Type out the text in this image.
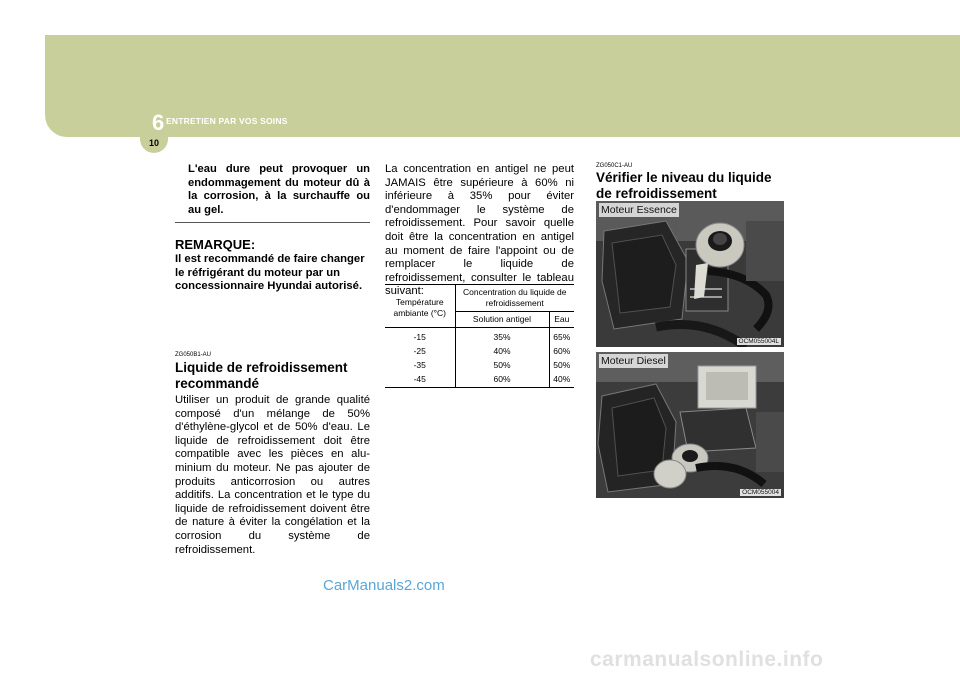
6 ENTRETIEN PAR VOS SOINS
10

L'eau dure peut provoquer un endommagement du moteur dû à la corrosion, à la surchauffe ou au gel.

REMARQUE:
Il est recommandé de faire changer le réfrigérant du moteur par un concessionnaire Hyundai autorisé.
ZG050B1-AU
Liquide de refroidissement recommandé
Utiliser un produit de grande qualité composé d'un mélange de 50% d'éthylène-glycol et de 50% d'eau. Le liquide de refroidissement doit être compatible avec les pièces en alu-minium du moteur. Ne pas ajouter de produits anticorrosion ou autres additifs. La concentration et le type du liquide de refroidissement doivent être de nature à éviter la congélation et la corrosion du système de refroidissement.
La concentration en antigel ne peut JAMAIS être supérieure à 60% ni inférieure à 35% pour éviter d'endommager le système de refroidissement. Pour savoir quelle doit être la concentration en antigel au moment de faire l'appoint ou de remplacer le liquide de refroidissement, consulter le tableau suivant:
Température ambiante (°C)	Concentration du liquide de refroidissement	
	Solution antigel	Eau
-15	35%	65%
-25	40%	60%
-35	50%	50%
-45	60%	40%
ZG050C1-AU
Vérifier le niveau du liquide de refroidissement
Moteur Essence
OCM055004L
Moteur Diesel
OCM055004
CarManuals2.com
carmanualsonline.info
